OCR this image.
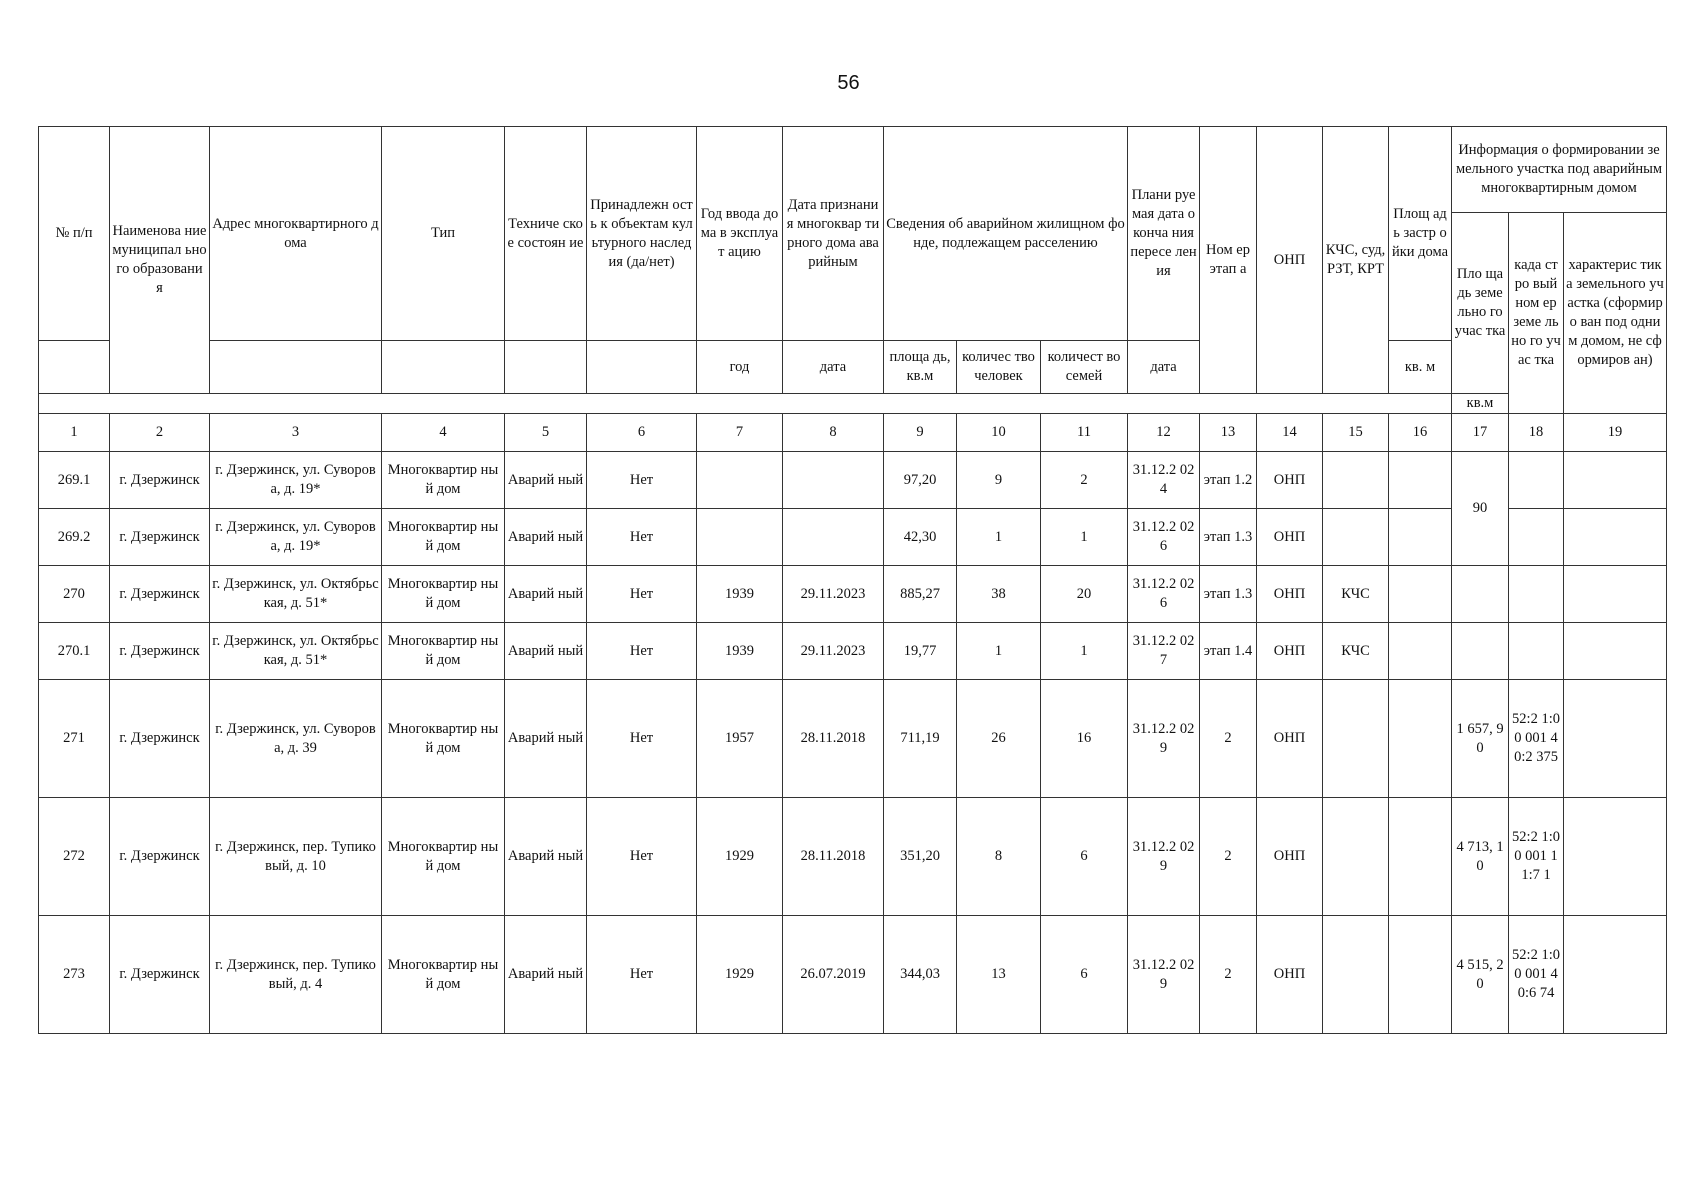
56
№ п/п	Наименова ние муниципал ьного образовани я	Адрес многоквартирного дома	Тип	Техниче ское состоян ие	Принадлежн ость к объектам культурного наследия (да/нет)	Год ввода дома в эксплуат ацию	Дата признания многоквар тирного дома аварийным	Сведения об аварийном жилищном фонде, подлежащем расселению			Плани руемая дата оконча ния пересе ления	Ном ер этап а	ОНП	КЧС, суд, РЗТ, КРТ	Площ адь застр ойки дома	Информация о формировании земельного участка под аварийным многоквартирным домом		
																Пло щадь земе льно го учас тка	када стро вый ном ер земе льно го учас тка	характерис тика земельного участка (сформиро ван под одним домом, не сформиров ан)
						год	дата	площа дь, кв.м	количес тво человек	количест во семей	дата				кв. м			
																кв.м		
1	2	3	4	5	6	7	8	9	10	11	12	13	14	15	16	17	18	19
269.1	г. Дзержинск	г. Дзержинск, ул. Суворова, д. 19*	Многоквартир ный дом	Аварий ный	Нет			97,20	9	2	31.12.2 024	этап 1.2	ОНП			90		
269.2	г. Дзержинск	г. Дзержинск, ул. Суворова, д. 19*	Многоквартир ный дом	Аварий ный	Нет			42,30	1	1	31.12.2 026	этап 1.3	ОНП					
270	г. Дзержинск	г. Дзержинск, ул. Октябрьская, д. 51*	Многоквартир ный дом	Аварий ный	Нет	1939	29.11.2023	885,27	38	20	31.12.2 026	этап 1.3	ОНП	КЧС				
270.1	г. Дзержинск	г. Дзержинск, ул. Октябрьская, д. 51*	Многоквартир ный дом	Аварий ный	Нет	1939	29.11.2023	19,77	1	1	31.12.2 027	этап 1.4	ОНП	КЧС				
271	г. Дзержинск	г. Дзержинск, ул. Суворова, д. 39	Многоквартир ный дом	Аварий ный	Нет	1957	28.11.2018	711,19	26	16	31.12.2 029	2	ОНП			1 657, 90	52:2 1:00 001 40:2 375	
272	г. Дзержинск	г. Дзержинск, пер. Тупиковый, д. 10	Многоквартир ный дом	Аварий ный	Нет	1929	28.11.2018	351,20	8	6	31.12.2 029	2	ОНП			4 713, 10	52:2 1:00 001 11:7 1	
273	г. Дзержинск	г. Дзержинск, пер. Тупиковый, д. 4	Многоквартир ный дом	Аварий ный	Нет	1929	26.07.2019	344,03	13	6	31.12.2 029	2	ОНП			4 515, 20	52:2 1:00 001 40:6 74	
